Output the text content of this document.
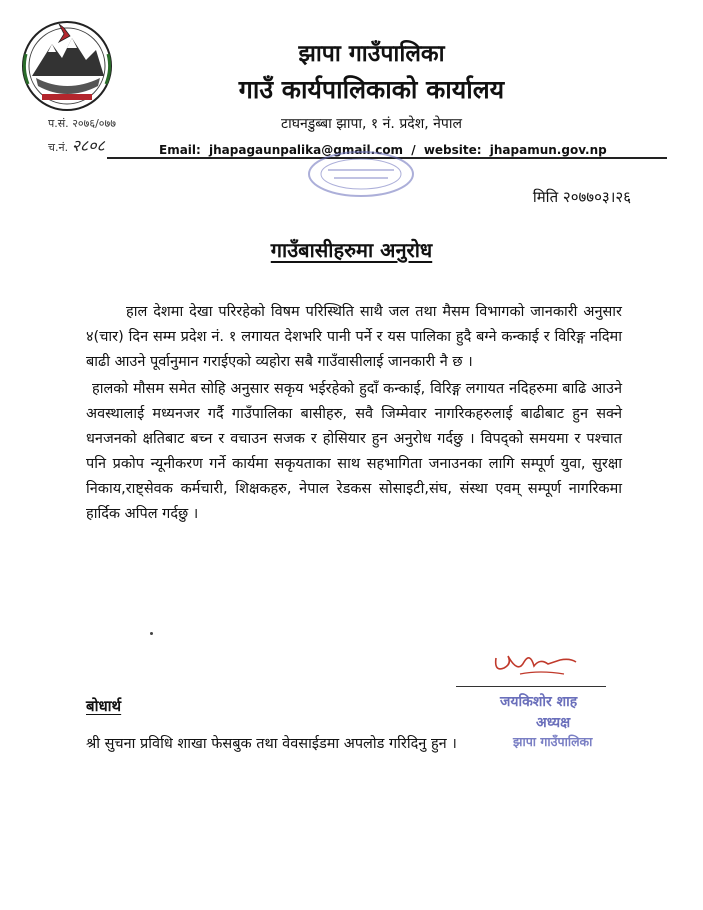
प.सं. २०७६/०७७
च.नं. २८०८
झापा गाउँपालिका
गाउँ कार्यपालिकाको कार्यालय
टाघनडुब्बा झापा, १ नं. प्रदेश, नेपाल
Email: jhapagaunpalika@gmail.com / website: jhapamun.gov.np
मिति २०७७०३।२६
गाउँबासीहरुमा अनुरोध

हाल देशमा देखा परिरहेको विषम परिस्थिति साथै जल तथा मैसम विभागको जानकारी अनुसार ४(चार) दिन सम्म प्रदेश नं. १ लगायत देशभरि पानी पर्ने र यस पालिका हुदै बग्ने कन्काई र विरिङ्ग नदिमा बाढी आउने पूर्वानुमान गराईएको व्यहोरा सबै गाउँवासीलाई जानकारी नै छ ।

हालको मौसम समेत सोहि अनुसार सकृय भईरहेको हुदाँ कन्काई, विरिङ्ग लगायत नदिहरुमा बाढि आउने अवस्थालाई मध्यनजर गर्दै गाउँपालिका बासीहरु, सवै जिम्मेवार नागरिकहरुलाई बाढीबाट हुन सक्ने धनजनको क्षतिबाट बच्न र वचाउन सजक र होसियार हुन अनुरोध गर्दछु । विपद्को समयमा र पश्चात पनि प्रकोप न्यूनीकरण गर्ने कार्यमा सकृयताका साथ सहभागिता जनाउनका लागि सम्पूर्ण युवा, सुरक्षा निकाय,राष्ट्सेवक कर्मचारी, शिक्षकहरु, नेपाल रेडकस सोसाइटी,संघ, संस्था एवम् सम्पूर्ण नागरिकमा हार्दिक अपिल गर्दछु ।

जयकिशोर शाह
अध्यक्ष
झापा गाउँपालिका
बोधार्थ
श्री सुचना प्रविधि शाखा फेसबुक तथा वेवसाईडमा अपलोड गरिदिनु हुन ।
